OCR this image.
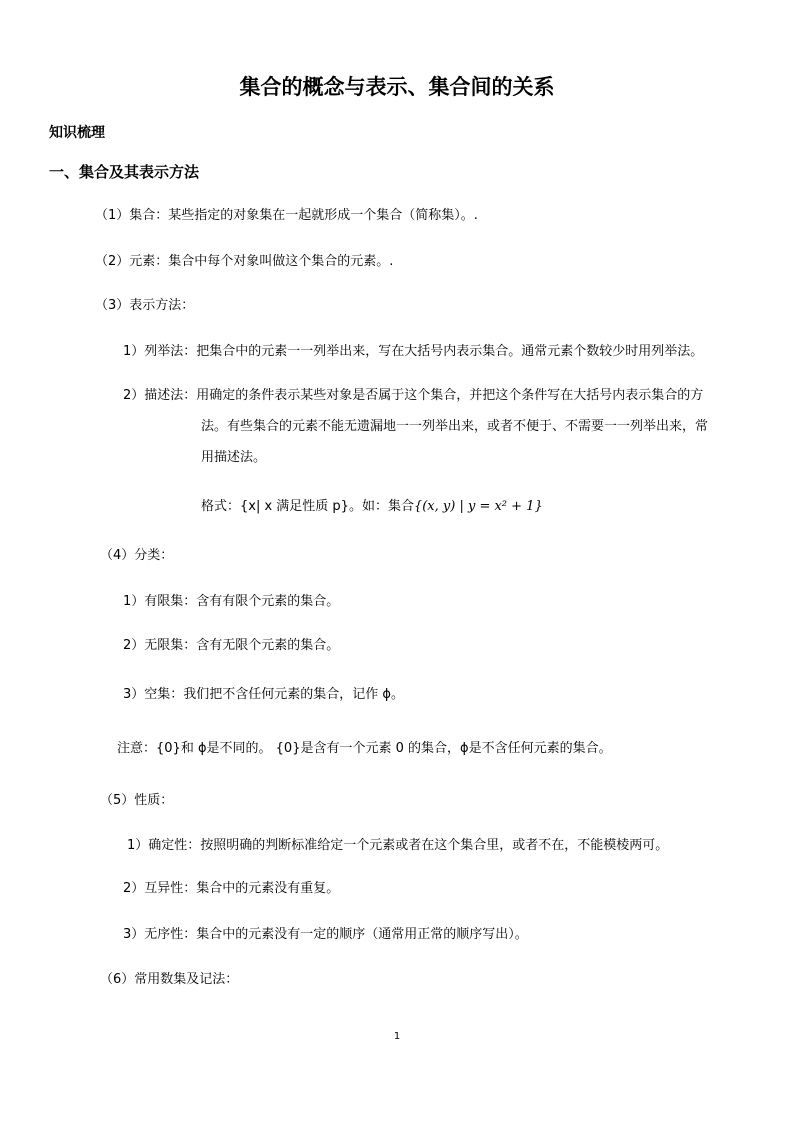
集合的概念与表示、集合间的关系
知识梳理
一、集合及其表示方法
（1）集合：某些指定的对象集在一起就形成一个集合（简称集）。.
（2）元素：集合中每个对象叫做这个集合的元素。.
（3）表示方法：
1）列举法：把集合中的元素一一列举出来，写在大括号内表示集合。通常元素个数较少时用列举法。
2）描述法：用确定的条件表示某些对象是否属于这个集合，并把这个条件写在大括号内表示集合的方
法。有些集合的元素不能无遗漏地一一列举出来，或者不便于、不需要一一列举出来，常
用描述法。
格式：{x| x 满足性质 p}。如：集合{(x, y) | y = x² + 1}
（4）分类：
1）有限集：含有有限个元素的集合。
2）无限集：含有无限个元素的集合。
3）空集：我们把不含任何元素的集合，记作 ϕ。
注意：{0}和 ϕ是不同的。 {0}是含有一个元素 0 的集合，ϕ是不含任何元素的集合。
（5）性质：
1）确定性：按照明确的判断标准给定一个元素或者在这个集合里，或者不在，不能模棱两可。
2）互异性：集合中的元素没有重复。
3）无序性：集合中的元素没有一定的顺序（通常用正常的顺序写出）。
（6）常用数集及记法：
1
